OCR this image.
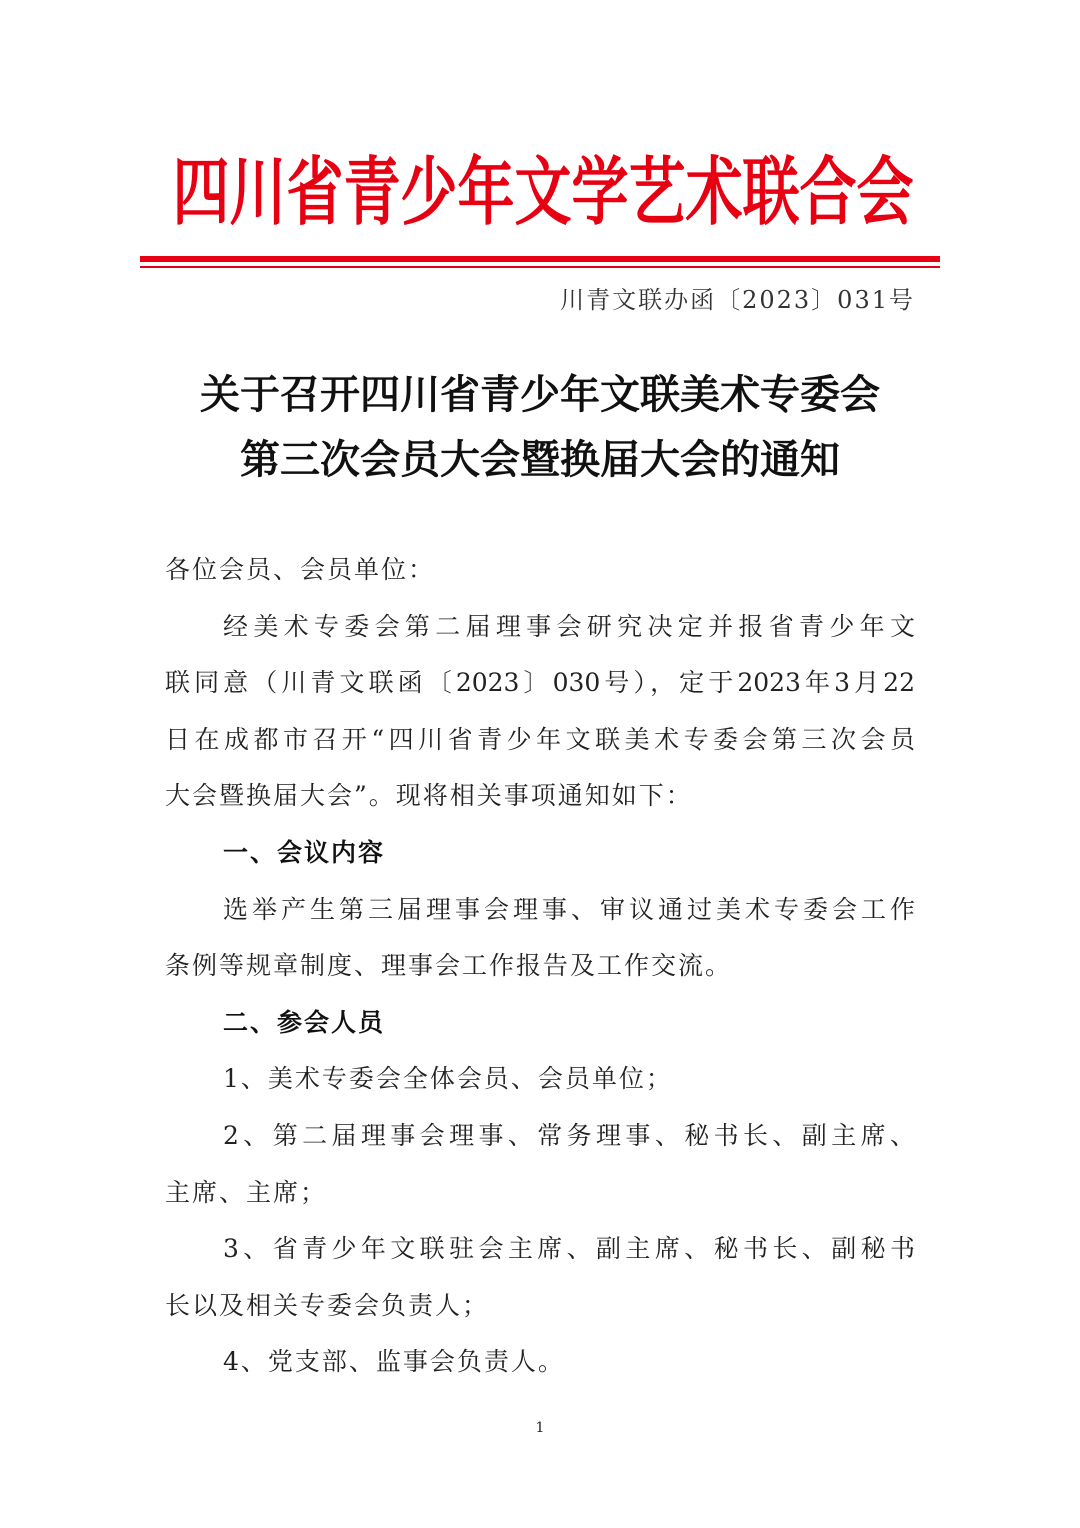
四川省青少年文学艺术联合会
川青文联办函〔2023〕031号
关于召开四川省青少年文联美术专委会
第三次会员大会暨换届大会的通知
各位会员、会员单位：
经美术专委会第二届理事会研究决定并报省青少年文
联同意（川青文联函〔2023〕030号），定于2023年3月22
日在成都市召开“四川省青少年文联美术专委会第三次会员
大会暨换届大会”。现将相关事项通知如下：
一、会议内容
选举产生第三届理事会理事、审议通过美术专委会工作
条例等规章制度、理事会工作报告及工作交流。
二、参会人员
1、美术专委会全体会员、会员单位；
2、第二届理事会理事、常务理事、秘书长、副主席、
主席、主席；
3、省青少年文联驻会主席、副主席、秘书长、副秘书
长以及相关专委会负责人；
4、党支部、监事会负责人。
1
